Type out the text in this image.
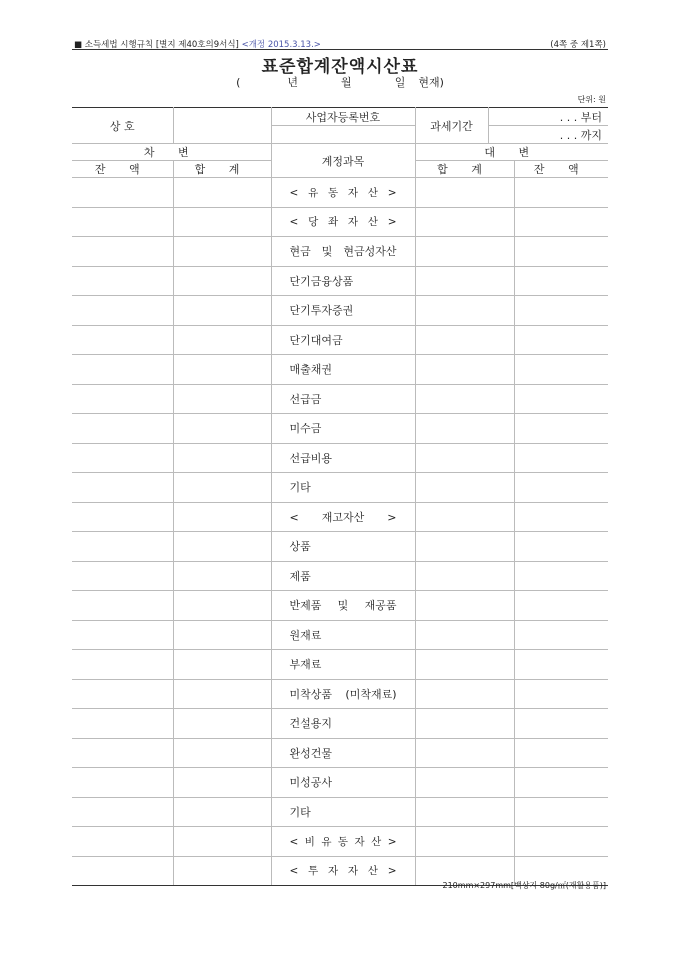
■ 소득세법 시행규칙 [별지 제40호의9서식] <개정 2015.3.13.>	(4쪽 중 제1쪽)
표준합계잔액시산표
(	년	월	일 현재)
단위: 원
상 호		사업자등록번호	과세기간	. . . 부터	
				. . . 까지	
차 변		계정과목	대 변		
잔 액	합 계		합 계		잔 액
		< 유 동 자 산 >			
		< 당 좌 자 산 >			
		현금 및 현금성자산			
		단기금융상품			
		단기투자증권			
		단기대여금			
		매출채권			
		선급금			
		미수금			
		선급비용			
		기타			
		< 재고자산 >			
		상품			
		제품			
		반제품 및 재공품			
		원재료			
		부재료			
		미착상품 (미착재료)			
		건설용지			
		완성건물			
		미성공사			
		기타			
		< 비 유 동 자 산 >			
		< 투 자 자 산 >			
210mm×297mm[백상지 80g/㎡(재활용품)]
